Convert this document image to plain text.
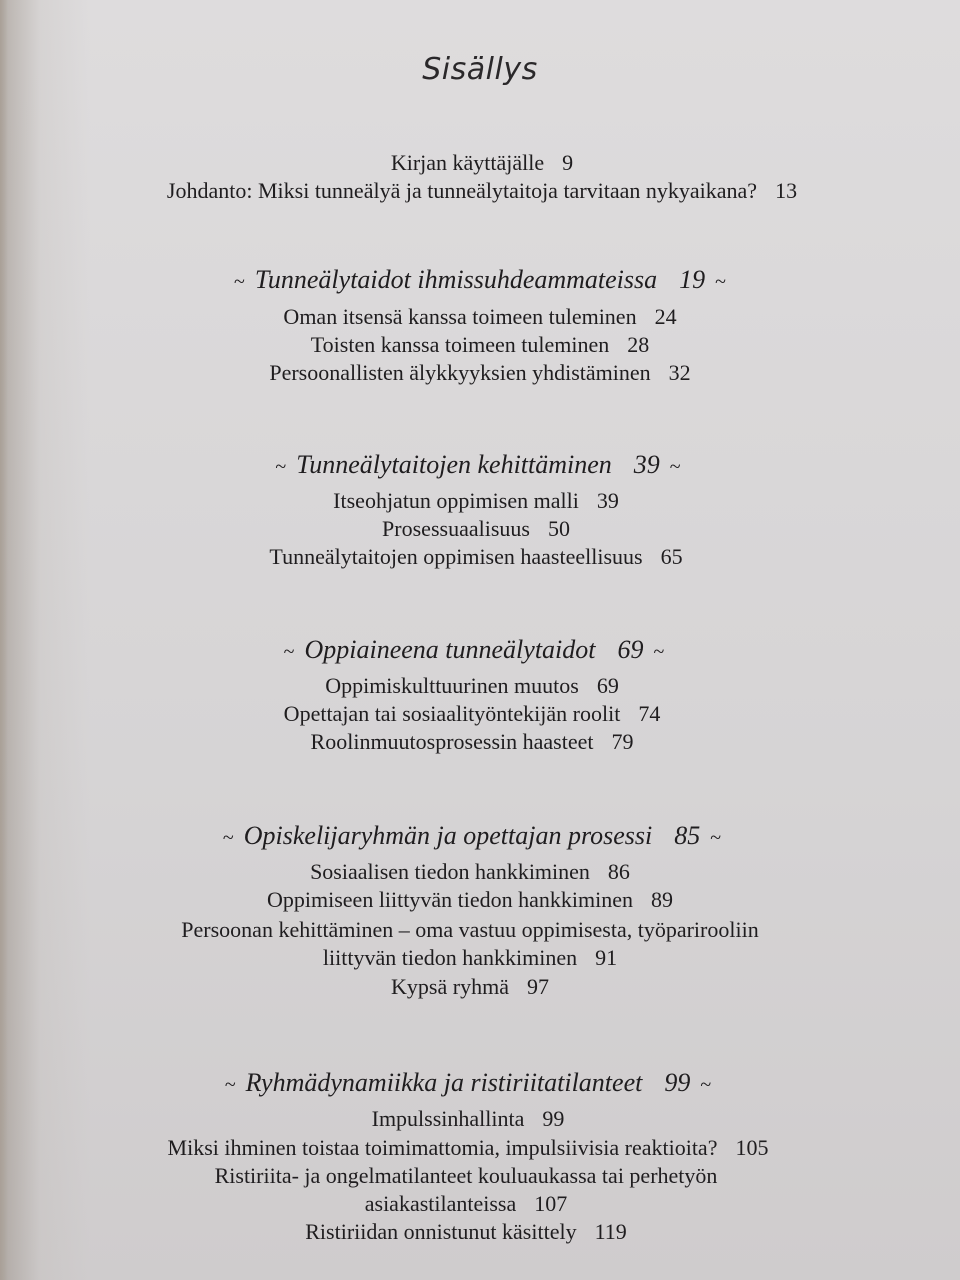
Sisällys
Kirjan käyttäjälle 9
Johdanto: Miksi tunneälyä ja tunneälytaitoja tarvitaan nykyaikana? 13
~ Tunneälytaidot ihmissuhdeammateissa 19 ~
Oman itsensä kanssa toimeen tuleminen 24
Toisten kanssa toimeen tuleminen 28
Persoonallisten älykkyyksien yhdistäminen 32
~ Tunneälytaitojen kehittäminen 39 ~
Itseohjatun oppimisen malli 39
Prosessuaalisuus 50
Tunneälytaitojen oppimisen haasteellisuus 65
~ Oppiaineena tunneälytaidot 69 ~
Oppimiskulttuurinen muutos 69
Opettajan tai sosiaalityöntekijän roolit 74
Roolinmuutosprosessin haasteet 79
~ Opiskelijaryhmän ja opettajan prosessi 85 ~
Sosiaalisen tiedon hankkiminen 86
Oppimiseen liittyvän tiedon hankkiminen 89
Persoonan kehittäminen – oma vastuu oppimisesta, työparirooliin
liittyvän tiedon hankkiminen 91
Kypsä ryhmä 97
~ Ryhmädynamiikka ja ristiriitatilanteet 99 ~
Impulssinhallinta 99
Miksi ihminen toistaa toimimattomia, impulsiivisia reaktioita? 105
Ristiriita- ja ongelmatilanteet kouluaukassa tai perhetyön
asiakastilanteissa 107
Ristiriidan onnistunut käsittely 119
